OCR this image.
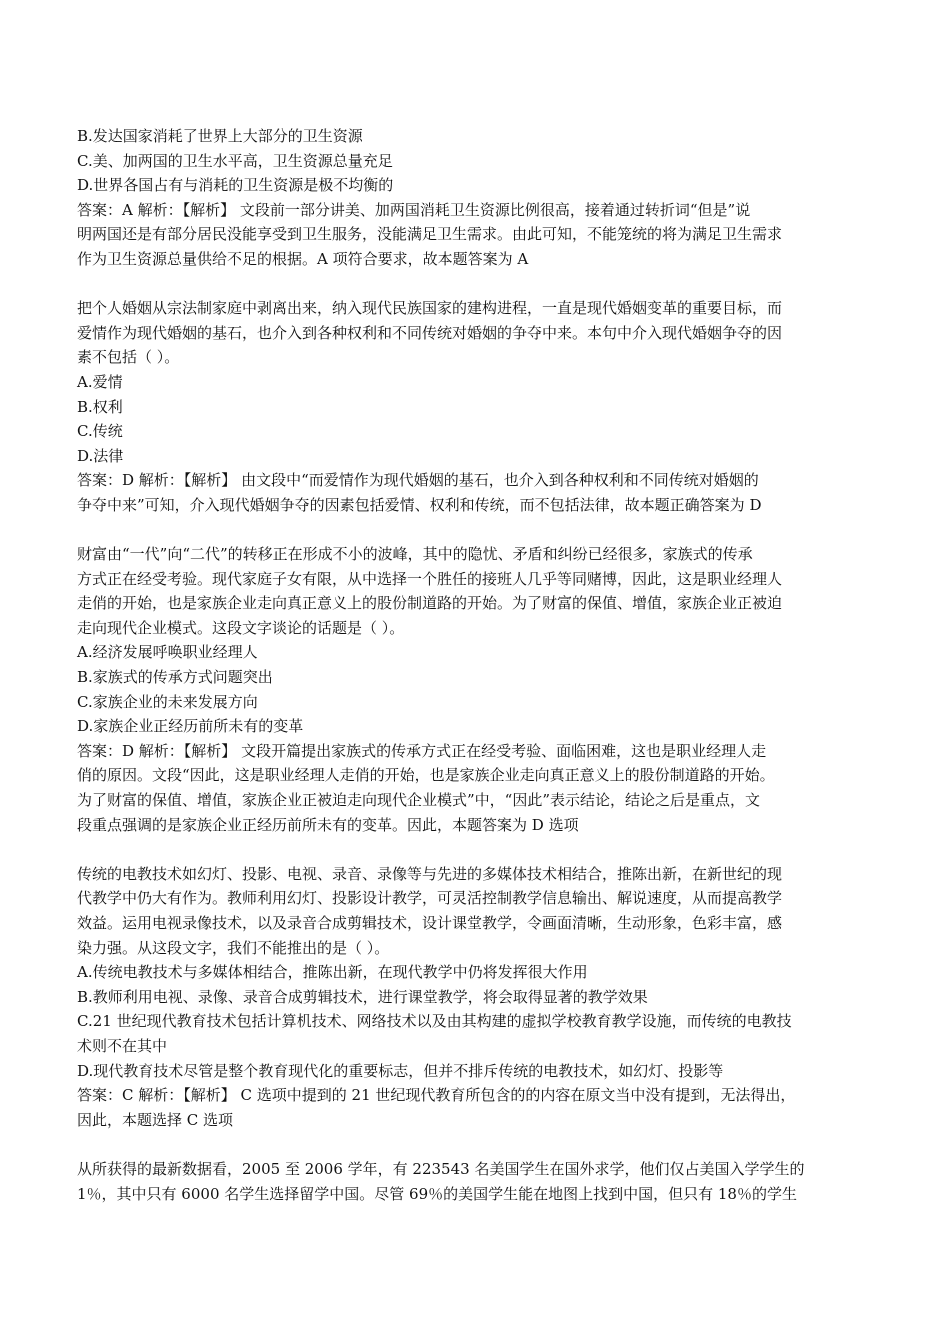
B.发达国家消耗了世界上大部分的卫生资源
C.美、加两国的卫生水平高，卫生资源总量充足
D.世界各国占有与消耗的卫生资源是极不均衡的
答案：A 解析：【解析】 文段前一部分讲美、加两国消耗卫生资源比例很高，接着通过转折词“但是”说
明两国还是有部分居民没能享受到卫生服务，没能满足卫生需求。由此可知，不能笼统的将为满足卫生需求
作为卫生资源总量供给不足的根据。A 项符合要求，故本题答案为 A
把个人婚姻从宗法制家庭中剥离出来，纳入现代民族国家的建构进程，一直是现代婚姻变革的重要目标，而
爱情作为现代婚姻的基石，也介入到各种权利和不同传统对婚姻的争夺中来。本句中介入现代婚姻争夺的因
素不包括（ ）。
A.爱情
B.权利
C.传统
D.法律
答案：D 解析：【解析】 由文段中“而爱情作为现代婚姻的基石，也介入到各种权利和不同传统对婚姻的
争夺中来”可知，介入现代婚姻争夺的因素包括爱情、权利和传统，而不包括法律，故本题正确答案为 D
财富由“一代”向“二代”的转移正在形成不小的波峰，其中的隐忧、矛盾和纠纷已经很多，家族式的传承
方式正在经受考验。现代家庭子女有限，从中选择一个胜任的接班人几乎等同赌博，因此，这是职业经理人
走俏的开始，也是家族企业走向真正意义上的股份制道路的开始。为了财富的保值、增值，家族企业正被迫
走向现代企业模式。这段文字谈论的话题是（ ）。
A.经济发展呼唤职业经理人
B.家族式的传承方式问题突出
C.家族企业的未来发展方向
D.家族企业正经历前所未有的变革
答案：D 解析：【解析】 文段开篇提出家族式的传承方式正在经受考验、面临困难，这也是职业经理人走
俏的原因。文段“因此，这是职业经理人走俏的开始，也是家族企业走向真正意义上的股份制道路的开始。
为了财富的保值、增值，家族企业正被迫走向现代企业模式”中，“因此”表示结论，结论之后是重点，文
段重点强调的是家族企业正经历前所未有的变革。因此，本题答案为 D 选项
传统的电教技术如幻灯、投影、电视、录音、录像等与先进的多媒体技术相结合，推陈出新，在新世纪的现
代教学中仍大有作为。教师利用幻灯、投影设计教学，可灵活控制教学信息输出、解说速度，从而提高教学
效益。运用电视录像技术，以及录音合成剪辑技术，设计课堂教学，令画面清晰，生动形象，色彩丰富，感
染力强。从这段文字，我们不能推出的是（ ）。
A.传统电教技术与多媒体相结合，推陈出新，在现代教学中仍将发挥很大作用
B.教师利用电视、录像、录音合成剪辑技术，进行课堂教学，将会取得显著的教学效果
C.21 世纪现代教育技术包括计算机技术、网络技术以及由其构建的虚拟学校教育教学设施，而传统的电教技
术则不在其中
D.现代教育技术尽管是整个教育现代化的重要标志，但并不排斥传统的电教技术，如幻灯、投影等
答案：C 解析：【解析】 C 选项中提到的 21 世纪现代教育所包含的的内容在原文当中没有提到，无法得出，
因此，本题选择 C 选项
从所获得的最新数据看，2005 至 2006 学年，有 223543 名美国学生在国外求学，他们仅占美国入学学生的
1％，其中只有 6000 名学生选择留学中国。尽管 69％的美国学生能在地图上找到中国，但只有 18％的学生
